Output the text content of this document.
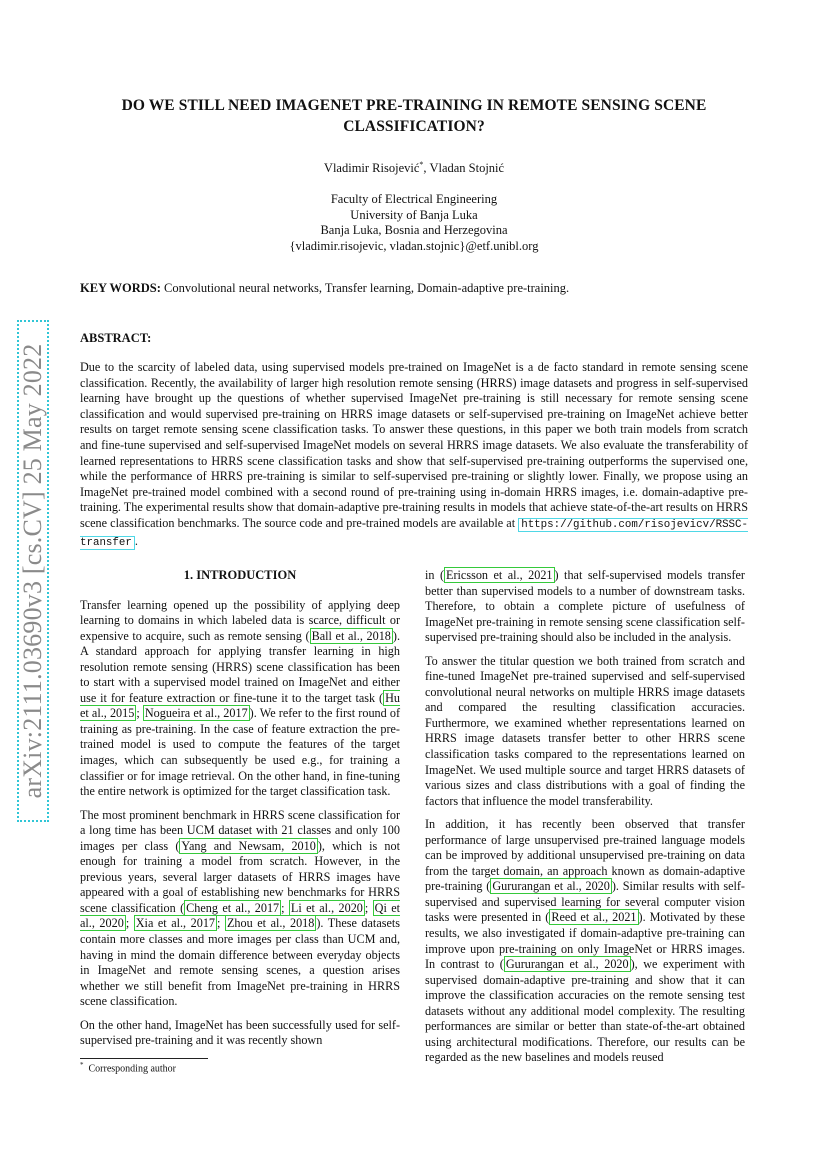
arXiv:2111.03690v3 [cs.CV] 25 May 2022
DO WE STILL NEED IMAGENET PRE-TRAINING IN REMOTE SENSING SCENE CLASSIFICATION?
Vladimir Risojević*, Vladan Stojnić
Faculty of Electrical Engineering
University of Banja Luka
Banja Luka, Bosnia and Herzegovina
{vladimir.risojevic, vladan.stojnic}@etf.unibl.org
KEY WORDS: Convolutional neural networks, Transfer learning, Domain-adaptive pre-training.
ABSTRACT:
Due to the scarcity of labeled data, using supervised models pre-trained on ImageNet is a de facto standard in remote sensing scene classification. Recently, the availability of larger high resolution remote sensing (HRRS) image datasets and progress in self-supervised learning have brought up the questions of whether supervised ImageNet pre-training is still necessary for remote sensing scene classification and would supervised pre-training on HRRS image datasets or self-supervised pre-training on ImageNet achieve better results on target remote sensing scene classification tasks. To answer these questions, in this paper we both train models from scratch and fine-tune supervised and self-supervised ImageNet models on several HRRS image datasets. We also evaluate the transferability of learned representations to HRRS scene classification tasks and show that self-supervised pre-training outperforms the supervised one, while the performance of HRRS pre-training is similar to self-supervised pre-training or slightly lower. Finally, we propose using an ImageNet pre-trained model combined with a second round of pre-training using in-domain HRRS images, i.e. domain-adaptive pre-training. The experimental results show that domain-adaptive pre-training results in models that achieve state-of-the-art results on HRRS scene classification benchmarks. The source code and pre-trained models are available at https://github.com/risojevicv/RSSC-transfer .
1. INTRODUCTION

Transfer learning opened up the possibility of applying deep learning to domains in which labeled data is scarce, difficult or expensive to acquire, such as remote sensing ( Ball et al., 2018 ). A standard approach for applying transfer learning in high resolution remote sensing (HRRS) scene classification has been to start with a supervised model trained on ImageNet and either use it for feature extraction or fine-tune it to the target task ( Hu et al., 2015 ; Nogueira et al., 2017 ). We refer to the first round of training as pre-training. In the case of feature extraction the pre-trained model is used to compute the features of the target images, which can subsequently be used e.g., for training a classifier or for image retrieval. On the other hand, in fine-tuning the entire network is optimized for the target classification task.

The most prominent benchmark in HRRS scene classification for a long time has been UCM dataset with 21 classes and only 100 images per class ( Yang and Newsam, 2010 ), which is not enough for training a model from scratch. However, in the previous years, several larger datasets of HRRS images have appeared with a goal of establishing new benchmarks for HRRS scene classification ( Cheng et al., 2017 ; Li et al., 2020 ; Qi et al., 2020 ; Xia et al., 2017 ; Zhou et al., 2018 ). These datasets contain more classes and more images per class than UCM and, having in mind the domain difference between everyday objects in ImageNet and remote sensing scenes, a question arises whether we still benefit from ImageNet pre-training in HRRS scene classification.

On the other hand, ImageNet has been successfully used for self-supervised pre-training and it was recently shown

in ( Ericsson et al., 2021 ) that self-supervised models transfer better than supervised models to a number of downstream tasks. Therefore, to obtain a complete picture of usefulness of ImageNet pre-training in remote sensing scene classification self-supervised pre-training should also be included in the analysis.

To answer the titular question we both trained from scratch and fine-tuned ImageNet pre-trained supervised and self-supervised convolutional neural networks on multiple HRRS image datasets and compared the resulting classification accuracies. Furthermore, we examined whether representations learned on HRRS image datasets transfer better to other HRRS scene classification tasks compared to the representations learned on ImageNet. We used multiple source and target HRRS datasets of various sizes and class distributions with a goal of finding the factors that influence the model transferability.

In addition, it has recently been observed that transfer performance of large unsupervised pre-trained language models can be improved by additional unsupervised pre-training on data from the target domain, an approach known as domain-adaptive pre-training ( Gururangan et al., 2020 ). Similar results with self-supervised and supervised learning for several computer vision tasks were presented in ( Reed et al., 2021 ). Motivated by these results, we also investigated if domain-adaptive pre-training can improve upon pre-training on only ImageNet or HRRS images. In contrast to ( Gururangan et al., 2020 ), we experiment with supervised domain-adaptive pre-training and show that it can improve the classification accuracies on the remote sensing test datasets without any additional model complexity. The resulting performances are similar or better than state-of-the-art obtained using architectural modifications. Therefore, our results can be regarded as the new baselines and models reused

* Corresponding author
